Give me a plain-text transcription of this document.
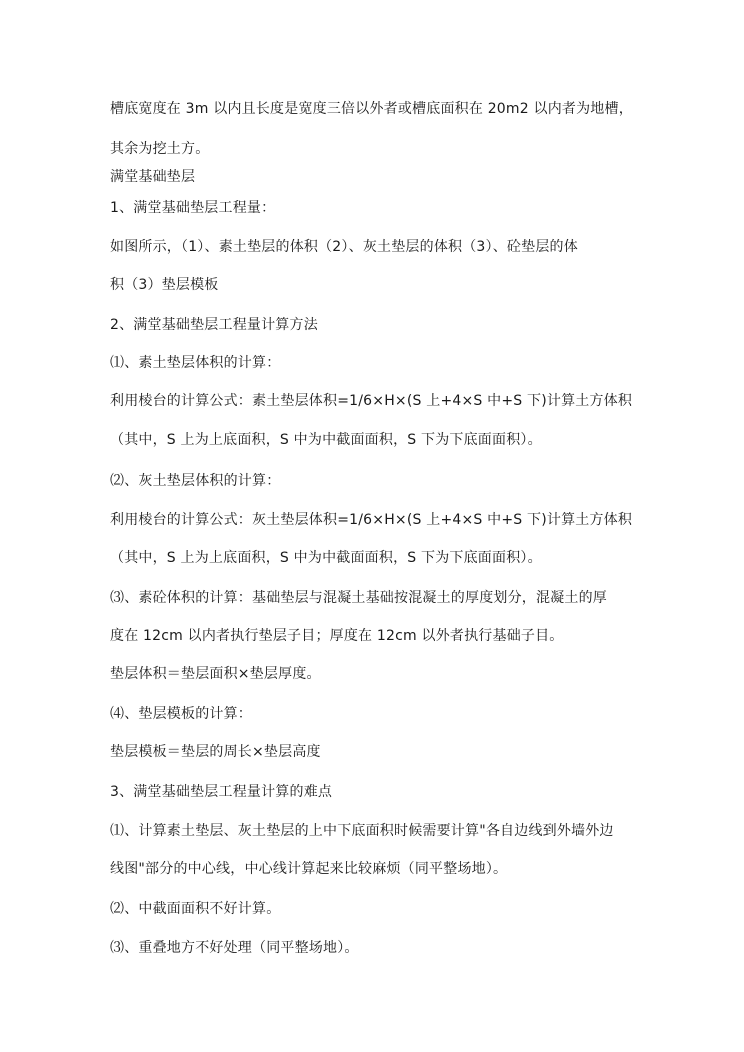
槽底宽度在 3m 以内且长度是宽度三倍以外者或槽底面积在 20m2 以内者为地槽，
其余为挖土方。
满堂基础垫层
1、满堂基础垫层工程量：
如图所示，（1）、素土垫层的体积（2）、灰土垫层的体积（3）、砼垫层的体
积（3）垫层模板
2、满堂基础垫层工程量计算方法
⑴、素土垫层体积的计算：
利用棱台的计算公式：素土垫层体积=1/6×H×(S 上+4×S 中+S 下)计算土方体积
（其中，S 上为上底面积，S 中为中截面面积，S 下为下底面面积）。
⑵、灰土垫层体积的计算：
利用棱台的计算公式：灰土垫层体积=1/6×H×(S 上+4×S 中+S 下)计算土方体积
（其中，S 上为上底面积，S 中为中截面面积，S 下为下底面面积）。
⑶、素砼体积的计算：基础垫层与混凝土基础按混凝土的厚度划分，混凝土的厚
度在 12cm 以内者执行垫层子目；厚度在 12cm 以外者执行基础子目。
垫层体积＝垫层面积×垫层厚度。
⑷、垫层模板的计算：
垫层模板＝垫层的周长×垫层高度
3、满堂基础垫层工程量计算的难点
⑴、计算素土垫层、灰土垫层的上中下底面积时候需要计算"各自边线到外墙外边
线图"部分的中心线，中心线计算起来比较麻烦（同平整场地）。
⑵、中截面面积不好计算。
⑶、重叠地方不好处理（同平整场地）。
